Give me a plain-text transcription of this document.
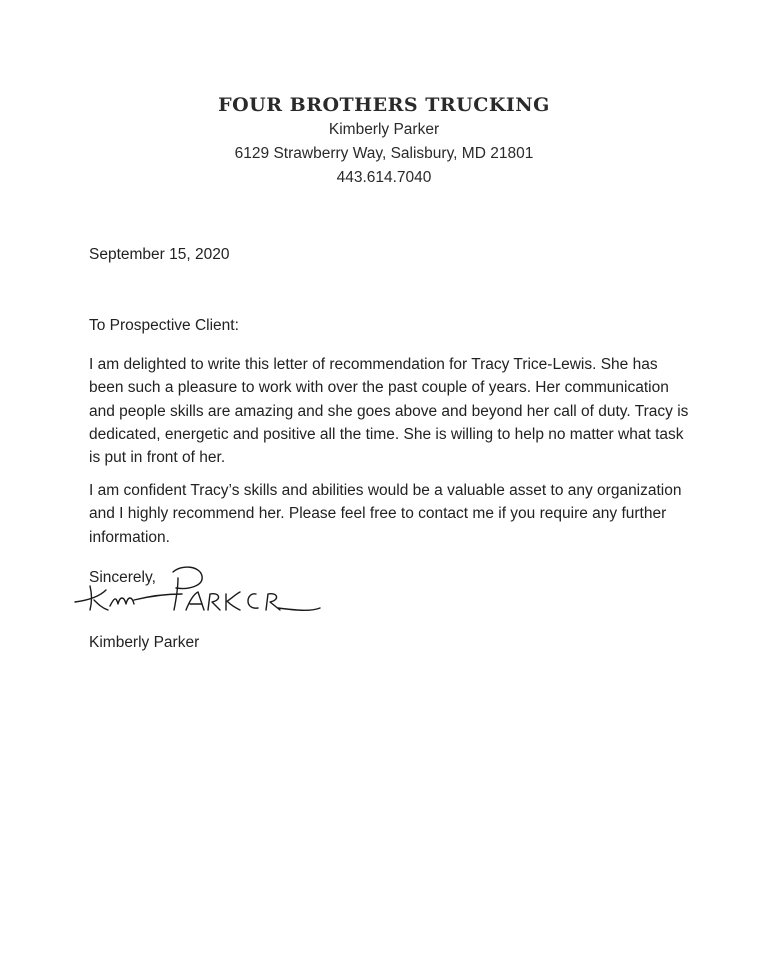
FOUR BROTHERS TRUCKING
Kimberly Parker
6129 Strawberry Way, Salisbury, MD 21801
443.614.7040

September 15, 2020

To Prospective Client:

I am delighted to write this letter of recommendation for Tracy Trice-Lewis. She has been such a pleasure to work with over the past couple of years. Her communication and people skills are amazing and she goes above and beyond her call of duty. Tracy is dedicated, energetic and positive all the time. She is willing to help no matter what task is put in front of her.

I am confident Tracy’s skills and abilities would be a valuable asset to any organization and I highly recommend her. Please feel free to contact me if you require any further information.

Sincerely,

Kimberly Parker
